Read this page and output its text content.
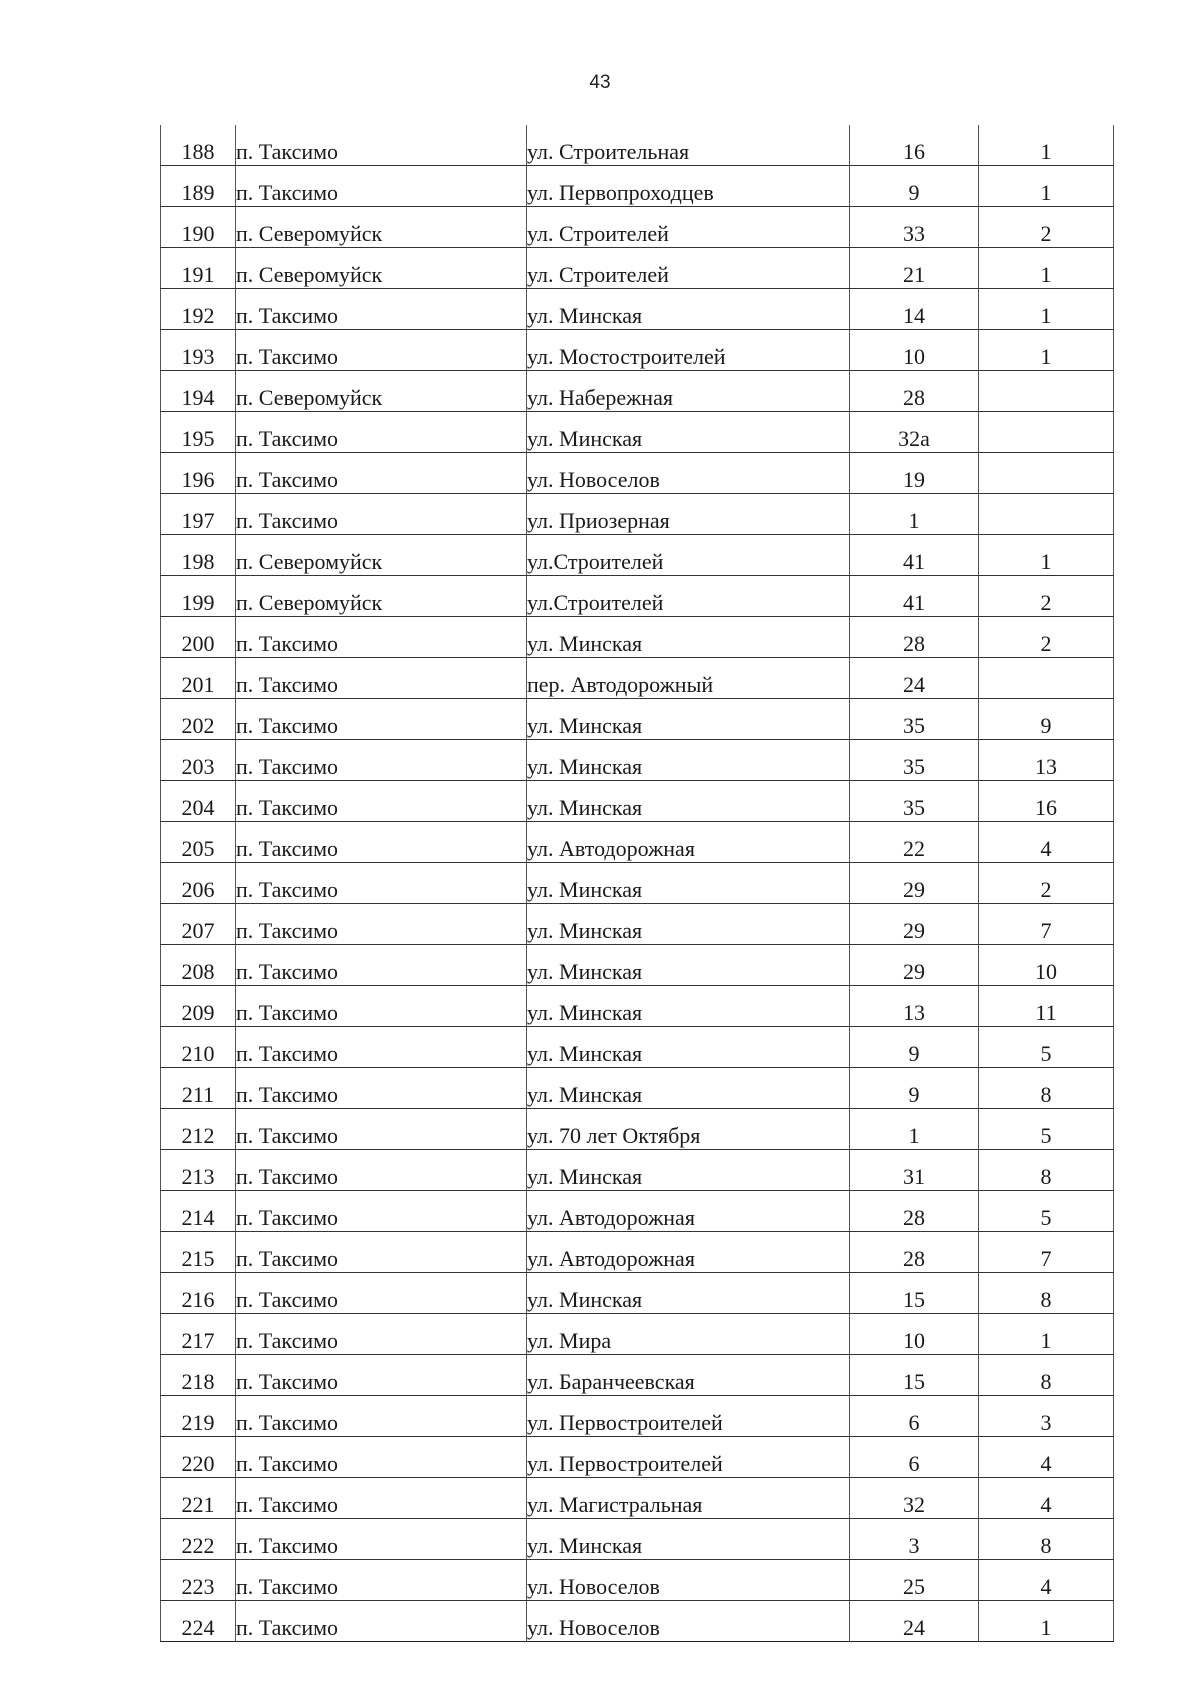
43
188	п. Таксимо	ул. Строительная	16	1
189	п. Таксимо	ул. Первопроходцев	9	1
190	п. Северомуйск	ул. Строителей	33	2
191	п. Северомуйск	ул. Строителей	21	1
192	п. Таксимо	ул. Минская	14	1
193	п. Таксимо	ул. Мостостроителей	10	1
194	п. Северомуйск	ул. Набережная	28	
195	п. Таксимо	ул. Минская	32а	
196	п. Таксимо	ул. Новоселов	19	
197	п. Таксимо	ул. Приозерная	1	
198	п. Северомуйск	ул.Строителей	41	1
199	п. Северомуйск	ул.Строителей	41	2
200	п. Таксимо	ул. Минская	28	2
201	п. Таксимо	пер. Автодорожный	24	
202	п. Таксимо	ул. Минская	35	9
203	п. Таксимо	ул. Минская	35	13
204	п. Таксимо	ул. Минская	35	16
205	п. Таксимо	ул. Автодорожная	22	4
206	п. Таксимо	ул. Минская	29	2
207	п. Таксимо	ул. Минская	29	7
208	п. Таксимо	ул. Минская	29	10
209	п. Таксимо	ул. Минская	13	11
210	п. Таксимо	ул. Минская	9	5
211	п. Таксимо	ул. Минская	9	8
212	п. Таксимо	ул. 70 лет Октября	1	5
213	п. Таксимо	ул. Минская	31	8
214	п. Таксимо	ул. Автодорожная	28	5
215	п. Таксимо	ул. Автодорожная	28	7
216	п. Таксимо	ул. Минская	15	8
217	п. Таксимо	ул. Мира	10	1
218	п. Таксимо	ул. Баранчеевская	15	8
219	п. Таксимо	ул. Первостроителей	6	3
220	п. Таксимо	ул. Первостроителей	6	4
221	п. Таксимо	ул. Магистральная	32	4
222	п. Таксимо	ул. Минская	3	8
223	п. Таксимо	ул. Новоселов	25	4
224	п. Таксимо	ул. Новоселов	24	1
